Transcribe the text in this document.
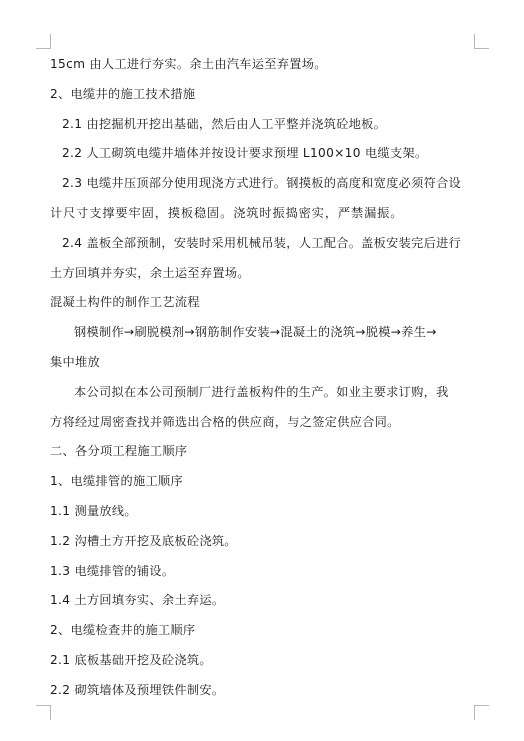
15cm 由人工进行夯实。余土由汽车运至弃置场。
2、电缆井的施工技术措施
2.1 由挖掘机开挖出基础，然后由人工平整并浇筑砼地板。
2.2 人工砌筑电缆井墙体并按设计要求预埋 L100×10 电缆支架。
2.3 电缆井压顶部分使用现浇方式进行。钢摸板的高度和宽度必须符合设
计尺寸支撑要牢固，摸板稳固。浇筑时振捣密实，严禁漏振。
2.4 盖板全部预制，安装时采用机械吊装，人工配合。盖板安装完后进行
土方回填并夯实，余土运至弃置场。
混凝土构件的制作工艺流程
钢模制作→刷脱模剂→钢筋制作安装→混凝土的浇筑→脱模→养生→
集中堆放
本公司拟在本公司预制厂进行盖板构件的生产。如业主要求订购，我
方将经过周密查找并筛选出合格的供应商，与之签定供应合同。
二、各分项工程施工顺序
1、电缆排管的施工顺序
1.1 测量放线。
1.2 沟槽土方开挖及底板砼浇筑。
1.3 电缆排管的铺设。
1.4 土方回填夯实、余土弃运。
2、电缆检查井的施工顺序
2.1 底板基础开挖及砼浇筑。
2.2 砌筑墙体及预埋铁件制安。
